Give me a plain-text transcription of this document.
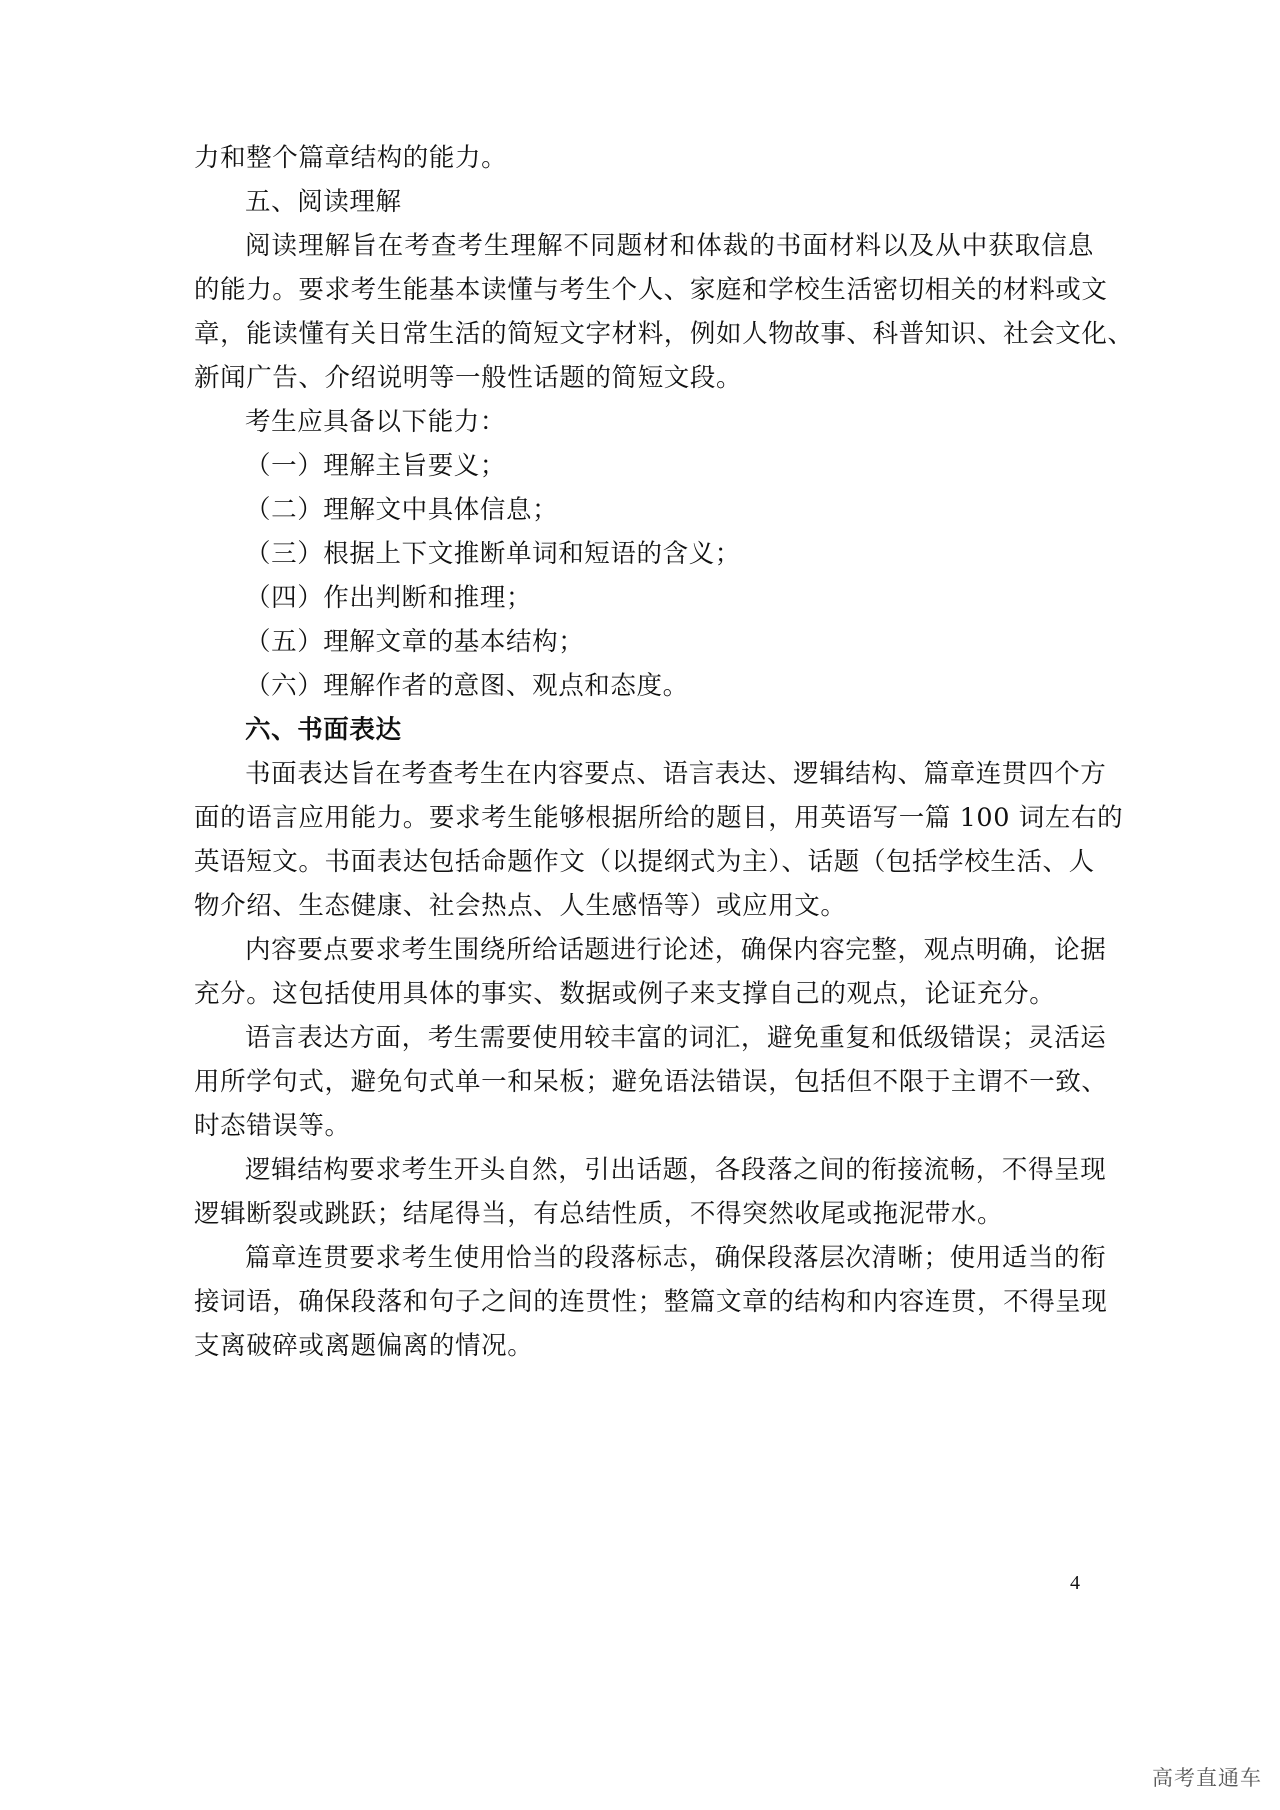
力和整个篇章结构的能力。
五、阅读理解
阅读理解旨在考查考生理解不同题材和体裁的书面材料以及从中获取信息
的能力。要求考生能基本读懂与考生个人、家庭和学校生活密切相关的材料或文
章，能读懂有关日常生活的简短文字材料，例如人物故事、科普知识、社会文化、
新闻广告、介绍说明等一般性话题的简短文段。
考生应具备以下能力：
（一）理解主旨要义；
（二）理解文中具体信息；
（三）根据上下文推断单词和短语的含义；
（四）作出判断和推理；
（五）理解文章的基本结构；
（六）理解作者的意图、观点和态度。
六、书面表达
书面表达旨在考查考生在内容要点、语言表达、逻辑结构、篇章连贯四个方
面的语言应用能力。要求考生能够根据所给的题目，用英语写一篇 100 词左右的
英语短文。书面表达包括命题作文（以提纲式为主）、话题（包括学校生活、人
物介绍、生态健康、社会热点、人生感悟等）或应用文。
内容要点要求考生围绕所给话题进行论述，确保内容完整，观点明确，论据
充分。这包括使用具体的事实、数据或例子来支撑自己的观点，论证充分。
语言表达方面，考生需要使用较丰富的词汇，避免重复和低级错误；灵活运
用所学句式，避免句式单一和呆板；避免语法错误，包括但不限于主谓不一致、
时态错误等。
逻辑结构要求考生开头自然，引出话题，各段落之间的衔接流畅，不得呈现
逻辑断裂或跳跃；结尾得当，有总结性质，不得突然收尾或拖泥带水。
篇章连贯要求考生使用恰当的段落标志，确保段落层次清晰；使用适当的衔
接词语，确保段落和句子之间的连贯性；整篇文章的结构和内容连贯，不得呈现
支离破碎或离题偏离的情况。
4
高考直通车
